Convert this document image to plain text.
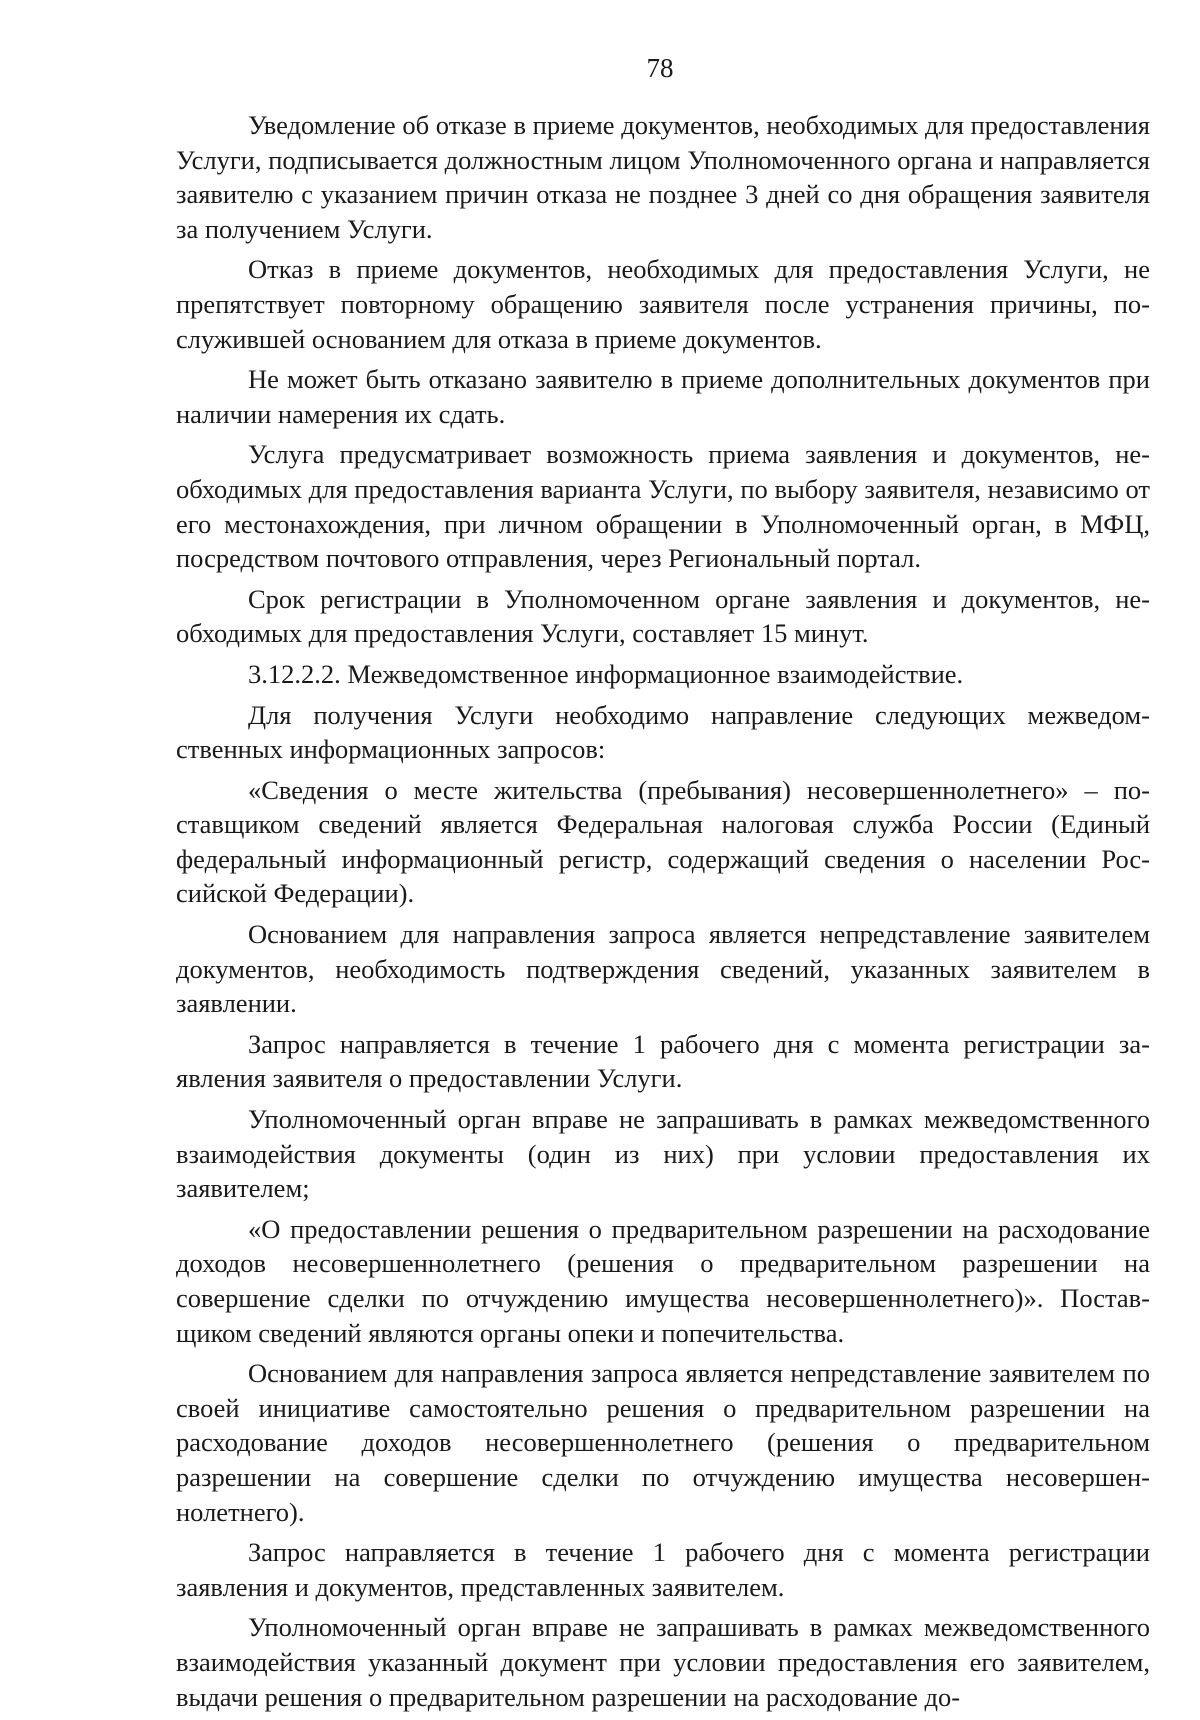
78

Уведомление об отказе в приеме документов, необходимых для предоставления Услуги, подписывается должностным лицом Уполномоченного органа и направляется заявителю с указанием причин отказа не позднее 3 дней со дня обращения заявителя за получением Услуги.

Отказ в приеме документов, необходимых для предоставления Услуги, не препятствует повторному обращению заявителя после устранения причины, послужившей основанием для отказа в приеме документов.

Не может быть отказано заявителю в приеме дополнительных документов при наличии намерения их сдать.

Услуга предусматривает возможность приема заявления и документов, необходимых для предоставления варианта Услуги, по выбору заявителя, независимо от его местонахождения, при личном обращении в Уполномоченный орган, в МФЦ, посредством почтового отправления, через Региональный портал.

Срок регистрации в Уполномоченном органе заявления и документов, необходимых для предоставления Услуги, составляет 15 минут.

3.12.2.2. Межведомственное информационное взаимодействие.

Для получения Услуги необходимо направление следующих межведомственных информационных запросов:

«Сведения о месте жительства (пребывания) несовершеннолетнего» – поставщиком сведений является Федеральная налоговая служба России (Единый федеральный информационный регистр, содержащий сведения о населении Российской Федерации).

Основанием для направления запроса является непредставление заявителем документов, необходимость подтверждения сведений, указанных заявителем в заявлении.

Запрос направляется в течение 1 рабочего дня с момента регистрации заявления заявителя о предоставлении Услуги.

Уполномоченный орган вправе не запрашивать в рамках межведомственного взаимодействия документы (один из них) при условии предоставления их заявителем;

«О предоставлении решения о предварительном разрешении на расходование доходов несовершеннолетнего (решения о предварительном разрешении на совершение сделки по отчуждению имущества несовершеннолетнего)». Поставщиком сведений являются органы опеки и попечительства.

Основанием для направления запроса является непредставление заявителем по своей инициативе самостоятельно решения о предварительном разрешении на расходование доходов несовершеннолетнего (решения о предварительном разрешении на совершение сделки по отчуждению имущества несовершеннолетнего).

Запрос направляется в течение 1 рабочего дня с момента регистрации заявления и документов, представленных заявителем.

Уполномоченный орган вправе не запрашивать в рамках межведомственного взаимодействия указанный документ при условии предоставления его заявителем, выдачи решения о предварительном разрешении на расходование до-
